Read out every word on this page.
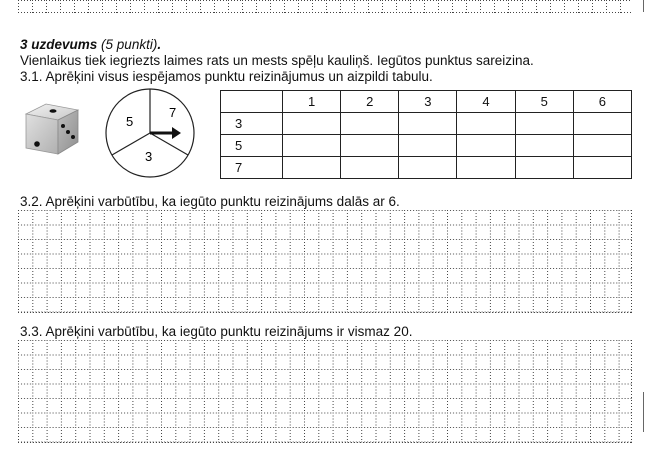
3 uzdevums (5 punkti).
Vienlaikus tiek iegriezts laimes rats un mests spēļu kauliņš. Iegūtos punktus sareizina.
3.1. Aprēķini visus iespējamos punktu reizinājumus un aizpildi tabulu.
5
7
3
	1	2	3	4	5	6
3						
5						
7						
3.2. Aprēķini varbūtību, ka iegūto punktu reizinājums dalās ar 6.
3.3. Aprēķini varbūtību, ka iegūto punktu reizinājums ir vismaz 20.
